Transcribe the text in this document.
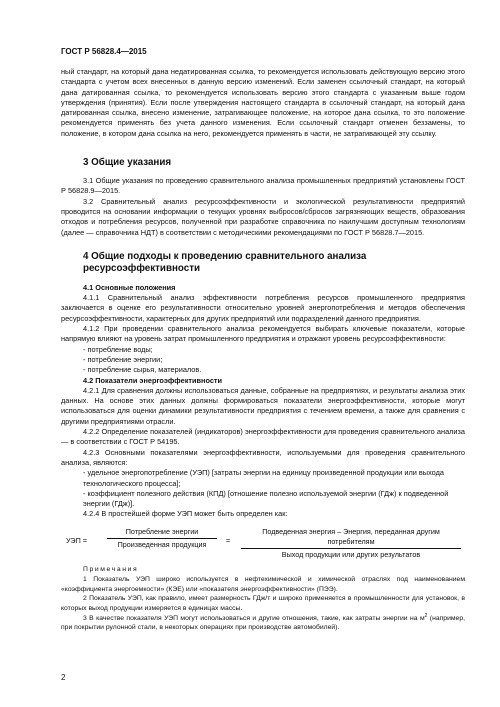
ГОСТ Р 56828.4—2015

ный стандарт, на который дана недатированная ссылка, то рекомендуется использовать действующую версию этого стандарта с учетом всех внесенных в данную версию изменений. Если заменен ссылочный стандарт, на который дана датированная ссылка, то рекомендуется использовать версию этого стандарта с указанным выше годом утверждения (принятия). Если после утверждения настоящего стандарта в ссылочный стандарт, на который дана датированная ссылка, внесено изменение, затрагивающее положение, на которое дана ссылка, то это положение рекомендуется применять без учета данного изменения. Если ссылочный стандарт отменен беззамены, то положение, в котором дана ссылка на него, рекомендуется применять в части, не затрагивающей эту ссылку.

3 Общие указания

3.1 Общие указания по проведению сравнительного анализа промышленных предприятий установлены ГОСТ Р 56828.9—2015.

3.2 Сравнительный анализ ресурсоэффективности и экологической результативности предприятий проводится на основании информации о текущих уровнях выбросов/сбросов загрязняющих веществ, образования отходов и потребления ресурсов, полученной при разработке справочника по наилучшим доступным технологиям (далее — справочника НДТ) в соответствии с методическими рекомендациями по ГОСТ Р 56828.7—2015.

4 Общие подходы к проведению сравнительного анализа ресурсоэффективности
4.1 Основные положения

4.1.1 Сравнительный анализ эффективности потребления ресурсов промышленного предприятия заключается в оценке его результативности относительно уровней энергопотребления и методов обеспечения ресурсоэффективности, характерных для других предприятий или подразделений данного предприятия.

4.1.2 При проведении сравнительного анализа рекомендуется выбирать ключевые показатели, которые напрямую влияют на уровень затрат промышленного предприятия и отражают уровень ресурсоэффективности:

- потребление воды;
- потребление энергии;
- потребление сырья, материалов.
4.2 Показатели энергоэффективности

4.2.1 Для сравнения должны использоваться данные, собранные на предприятиях, и результаты анализа этих данных. На основе этих данных должны формироваться показатели энергоэффективности, которые могут использоваться для оценки динамики результативности предприятия с течением времени, а также для сравнения с другими предприятиями отрасли.

4.2.2 Определение показателей (индикаторов) энергоэффективности для проведения сравнительного анализа — в соответствии с ГОСТ Р 54195.

4.2.3 Основными показателями энергоэффективности, используемыми для проведения сравнительного анализа, являются:

- удельное энергопотребление (УЭП) [затраты энергии на единицу произведенной продукции или выхода технологического процесса];
- коэффициент полезного действия (КПД) [отношение полезно используемой энергии (ГДж) к подведенной энергии (ГДж)].

4.2.4 В простейшей форме УЭП может быть определен как:

УЭП =
Потребление энергии
Произведенная продукция	=
Подведенная энергия – Энергия, переданная другим потребителям
Выход продукции или других результатов
Примечания

1 Показатель УЭП широко используется в нефтехимической и химической отраслях под наименованием «коэффициента энергоемкости» (КЭЕ) или «показателя энергоэффективности» (ПЭЭ).

2 Показатель УЭП, как правило, имеет размерность ГДж/т и широко применяется в промышленности для установок, в которых выход продукции измеряется в единицах массы.

3 В качестве показателя УЭП могут использоваться и другие отношения, такие, как затраты энергии на $м^2$ (например, при покрытии рулонной стали, в некоторых операциях при производстве автомобилей).

2
